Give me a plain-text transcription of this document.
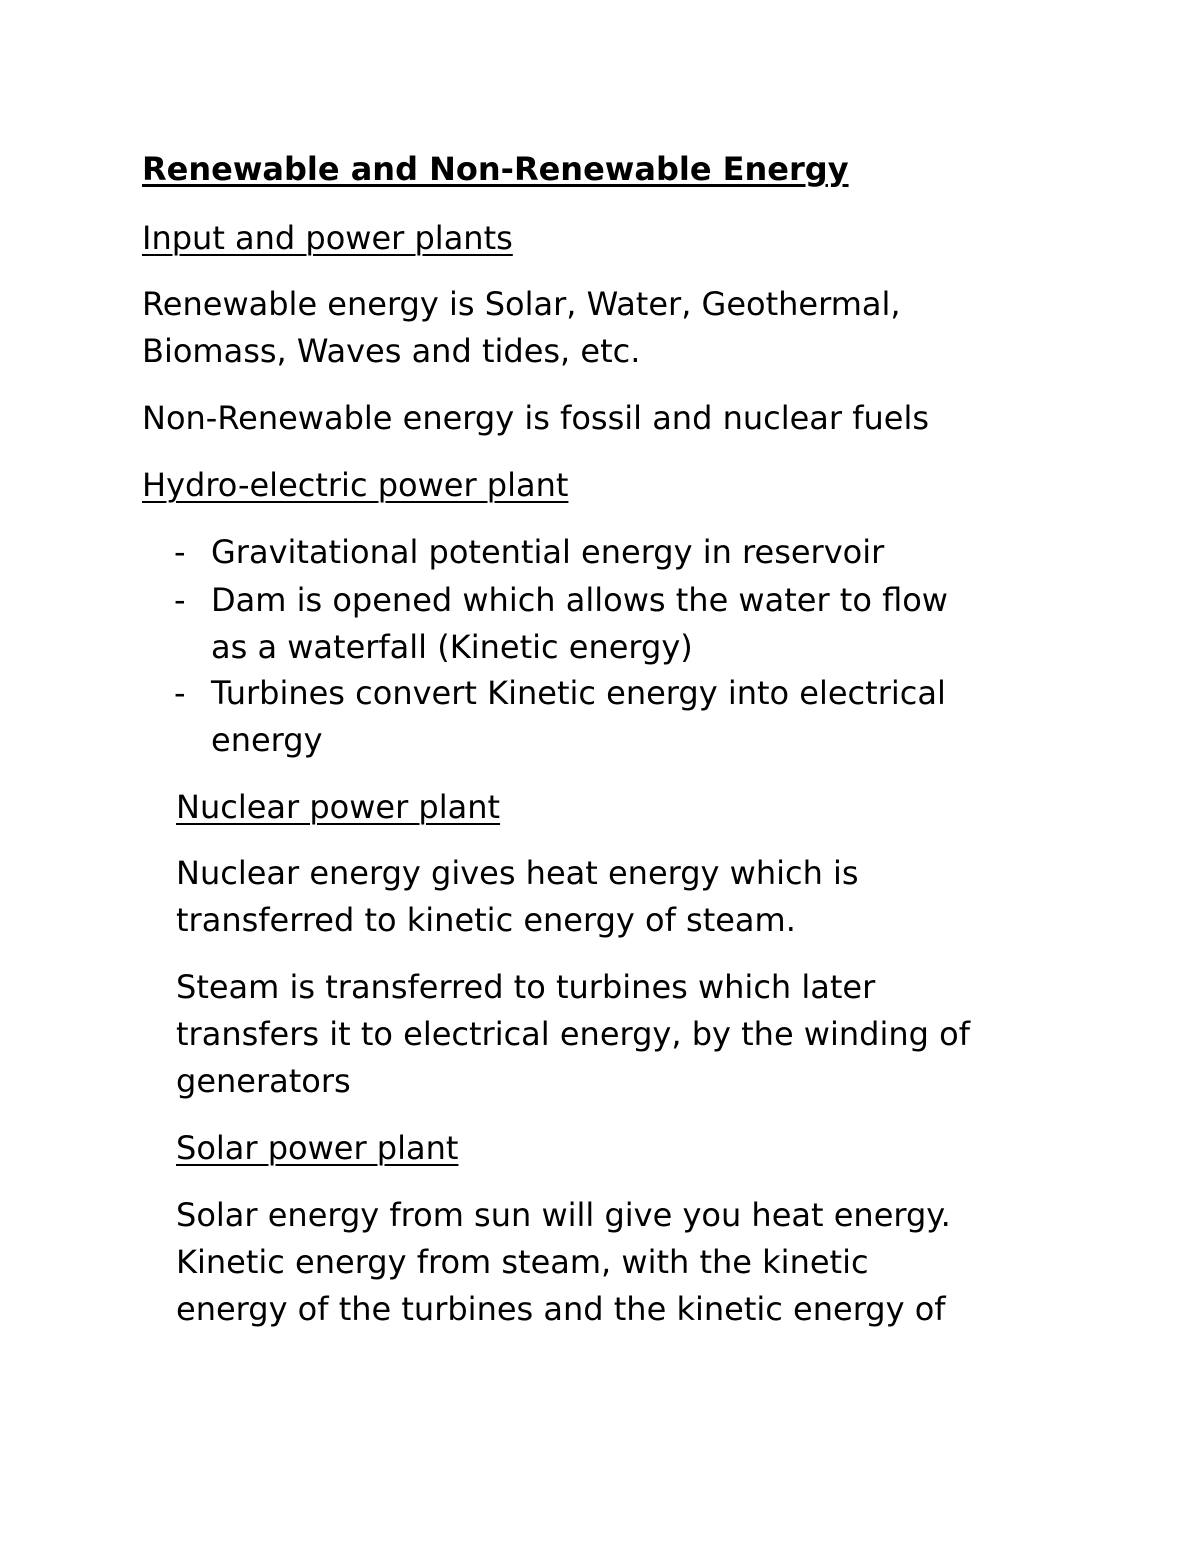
Renewable and Non-Renewable Energy

Input and power plants

Renewable energy is Solar, Water, Geothermal,

Biomass, Waves and tides, etc.

Non-Renewable energy is fossil and nuclear fuels

Hydro-electric power plant

- Gravitational potential energy in reservoir

- Dam is opened which allows the water to flow

as a waterfall (Kinetic energy)

- Turbines convert Kinetic energy into electrical

energy

Nuclear power plant

Nuclear energy gives heat energy which is

transferred to kinetic energy of steam.

Steam is transferred to turbines which later

transfers it to electrical energy, by the winding of

generators

Solar power plant

Solar energy from sun will give you heat energy.

Kinetic energy from steam, with the kinetic

energy of the turbines and the kinetic energy of
